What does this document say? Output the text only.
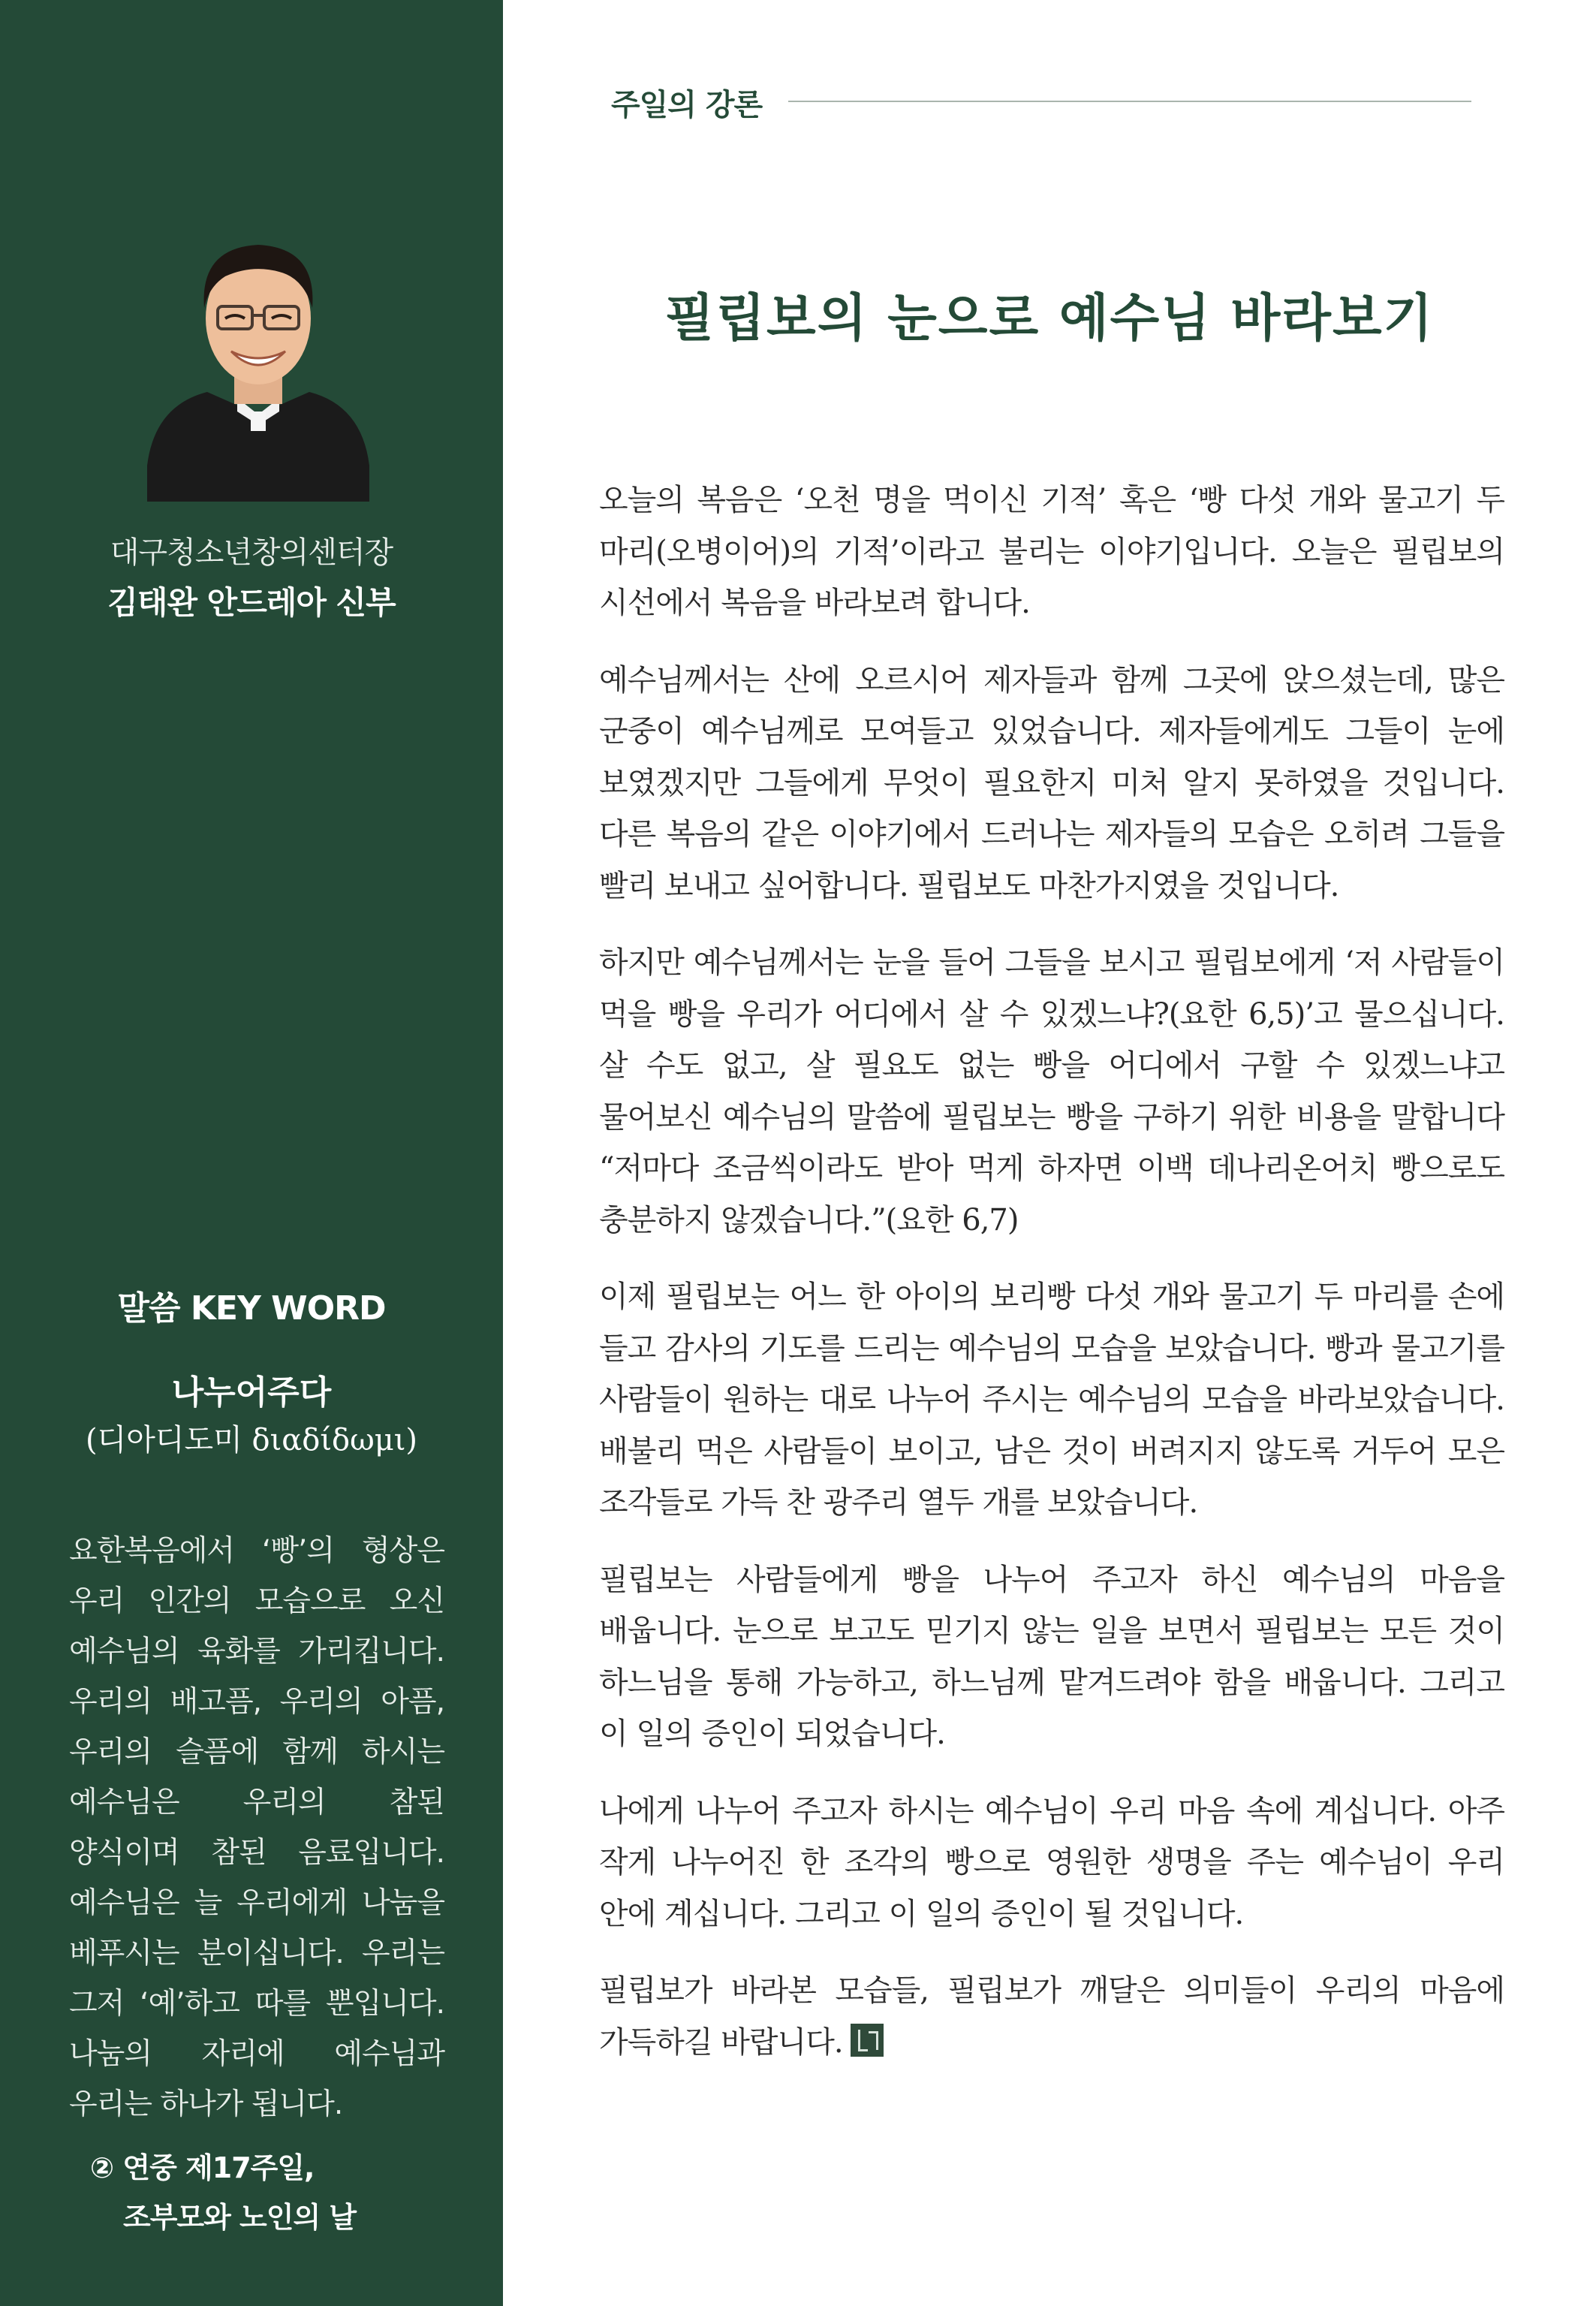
대구청소년창의센터장
김태완 안드레아 신부
말씀 KEY WORD
나누어주다
(디아디도미 διαδίδωμι)
요한복음에서 ‘빵’의 형상은 우리 인간의 모습으로 오신 예수님의 육화를 가리킵니다. 우리의 배고픔, 우리의 아픔, 우리의 슬픔에 함께 하시는 예수님은 우리의 참된 양식이며 참된 음료입니다. 예수님은 늘 우리에게 나눔을 베푸시는 분이십니다. 우리는 그저 ‘예’하고 따를 뿐입니다. 나눔의 자리에 예수님과 우리는 하나가 됩니다.
② 연중 제17주일,
조부모와 노인의 날
주일의 강론
필립보의 눈으로 예수님 바라보기

오늘의 복음은 ‘오천 명을 먹이신 기적’ 혹은 ‘빵 다섯 개와 물고기 두 마리(오병이어)의 기적’이라고 불리는 이야기입니다. 오늘은 필립보의 시선에서 복음을 바라보려 합니다.

예수님께서는 산에 오르시어 제자들과 함께 그곳에 앉으셨는데, 많은 군중이 예수님께로 모여들고 있었습니다. 제자들에게도 그들이 눈에 보였겠지만 그들에게 무엇이 필요한지 미처 알지 못하였을 것입니다. 다른 복음의 같은 이야기에서 드러나는 제자들의 모습은 오히려 그들을 빨리 보내고 싶어합니다. 필립보도 마찬가지였을 것입니다.

하지만 예수님께서는 눈을 들어 그들을 보시고 필립보에게 ‘저 사람들이 먹을 빵을 우리가 어디에서 살 수 있겠느냐?(요한 6,5)’고 물으십니다. 살 수도 없고, 살 필요도 없는 빵을 어디에서 구할 수 있겠느냐고 물어보신 예수님의 말씀에 필립보는 빵을 구하기 위한 비용을 말합니다 “저마다 조금씩이라도 받아 먹게 하자면 이백 데나리온어치 빵으로도 충분하지 않겠습니다.”(요한 6,7)

이제 필립보는 어느 한 아이의 보리빵 다섯 개와 물고기 두 마리를 손에 들고 감사의 기도를 드리는 예수님의 모습을 보았습니다. 빵과 물고기를 사람들이 원하는 대로 나누어 주시는 예수님의 모습을 바라보았습니다. 배불리 먹은 사람들이 보이고, 남은 것이 버려지지 않도록 거두어 모은 조각들로 가득 찬 광주리 열두 개를 보았습니다.

필립보는 사람들에게 빵을 나누어 주고자 하신 예수님의 마음을 배웁니다. 눈으로 보고도 믿기지 않는 일을 보면서 필립보는 모든 것이 하느님을 통해 가능하고, 하느님께 맡겨드려야 함을 배웁니다. 그리고 이 일의 증인이 되었습니다.

나에게 나누어 주고자 하시는 예수님이 우리 마음 속에 계십니다. 아주 작게 나누어진 한 조각의 빵으로 영원한 생명을 주는 예수님이 우리 안에 계십니다. 그리고 이 일의 증인이 될 것입니다.

필립보가 바라본 모습들, 필립보가 깨달은 의미들이 우리의 마음에 가득하길 바랍니다.
